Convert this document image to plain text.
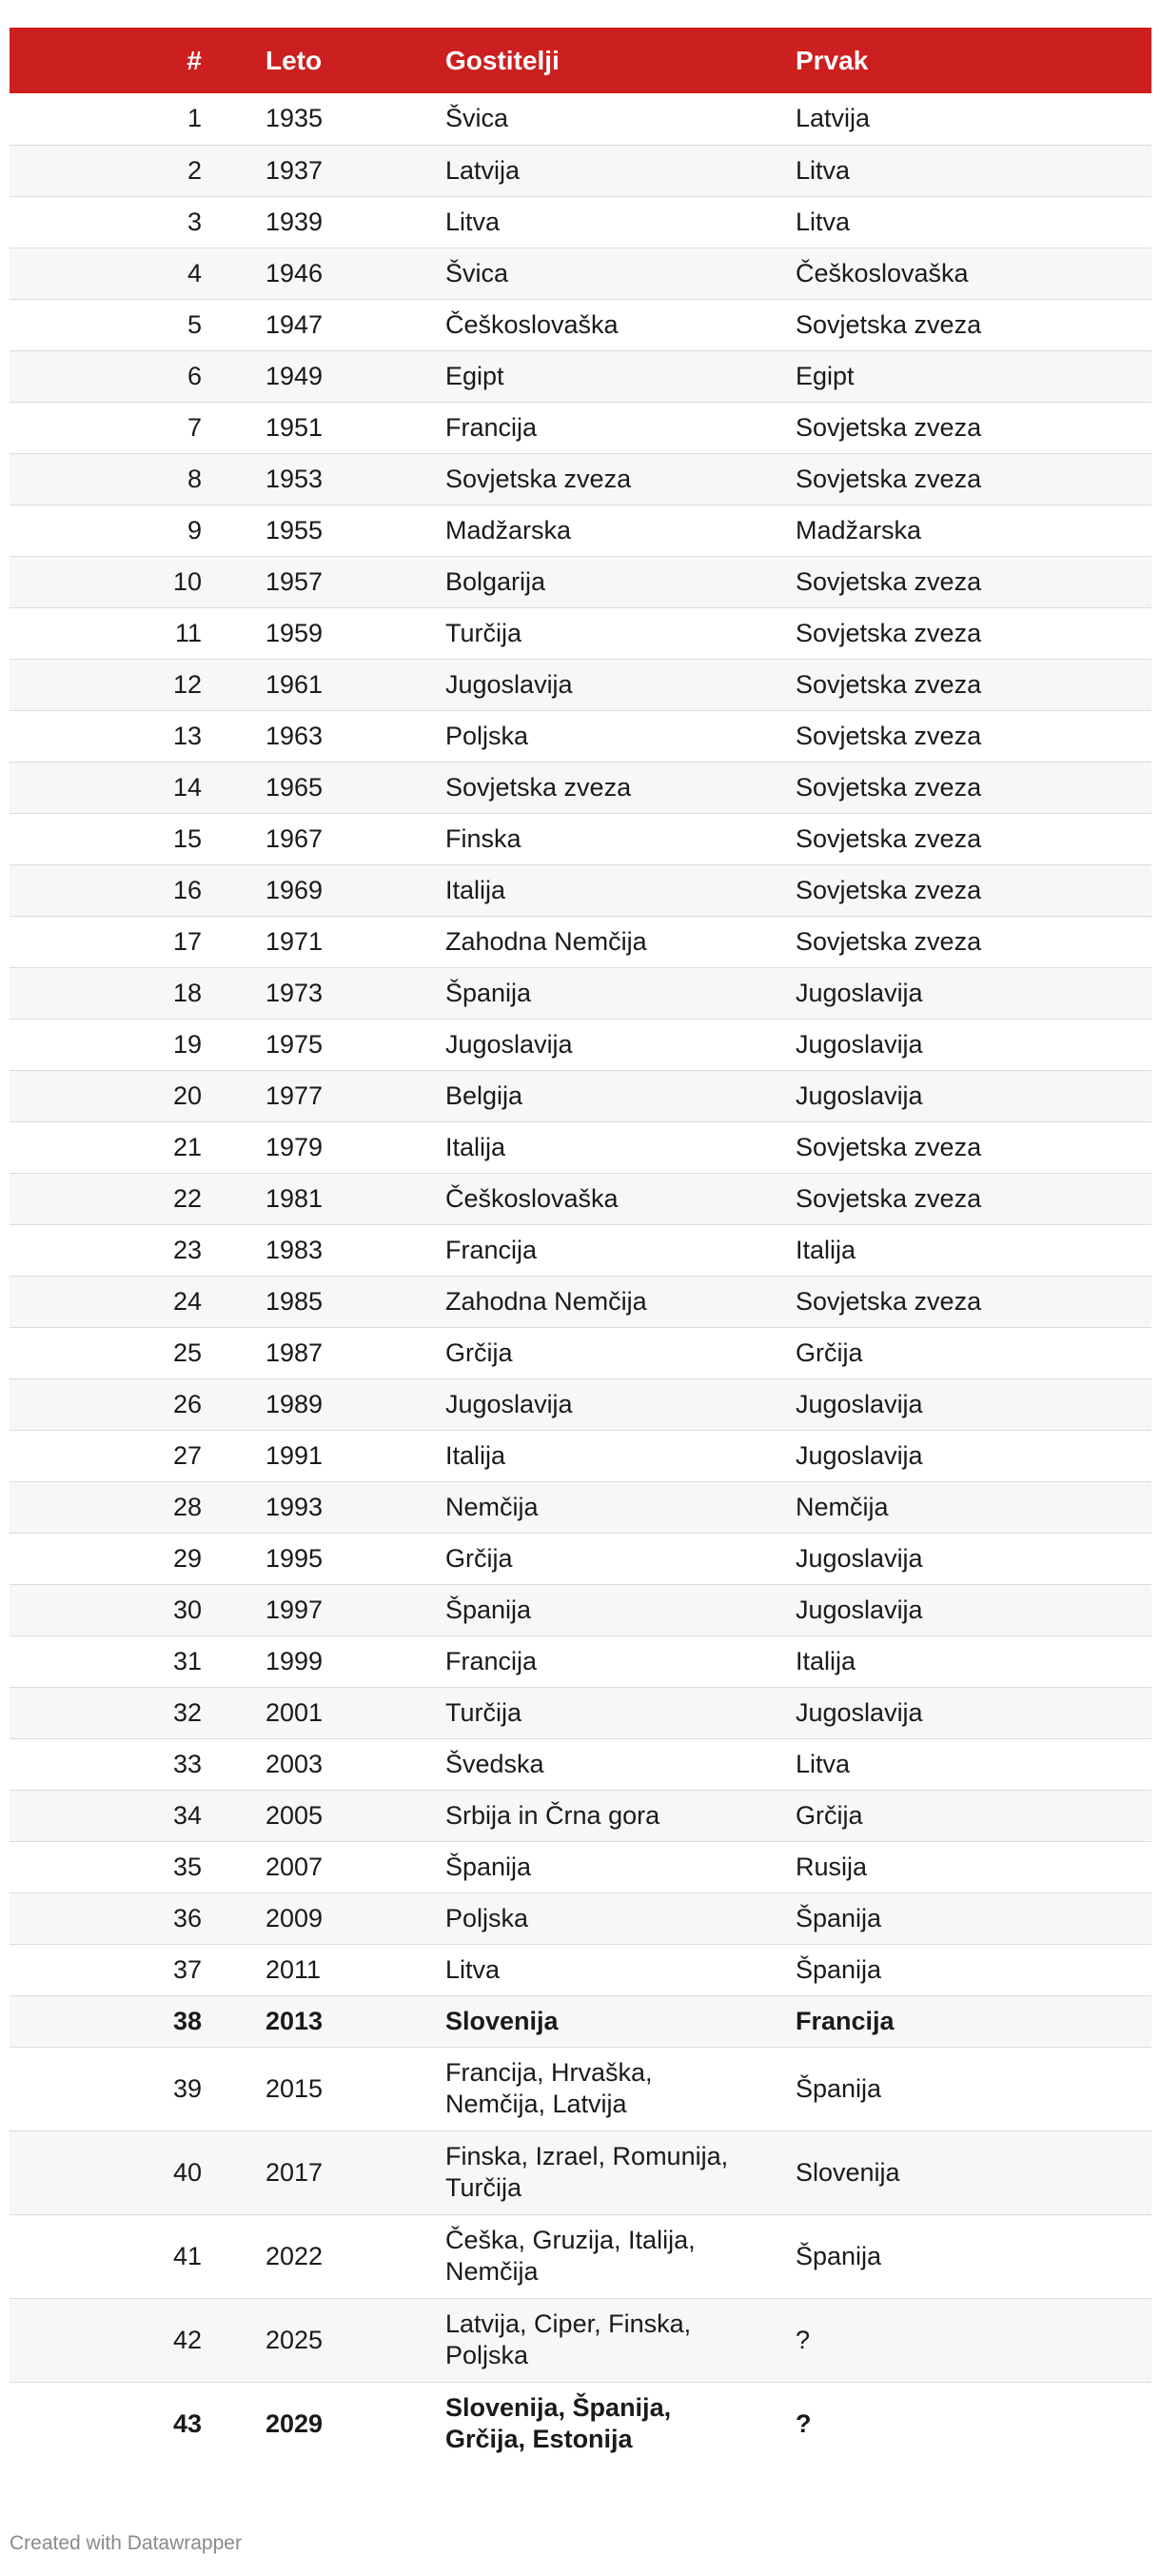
#	Leto	Gostitelji	Prvak
1	1935	Švica	Latvija
2	1937	Latvija	Litva
3	1939	Litva	Litva
4	1946	Švica	Češkoslovaška
5	1947	Češkoslovaška	Sovjetska zveza
6	1949	Egipt	Egipt
7	1951	Francija	Sovjetska zveza
8	1953	Sovjetska zveza	Sovjetska zveza
9	1955	Madžarska	Madžarska
10	1957	Bolgarija	Sovjetska zveza
11	1959	Turčija	Sovjetska zveza
12	1961	Jugoslavija	Sovjetska zveza
13	1963	Poljska	Sovjetska zveza
14	1965	Sovjetska zveza	Sovjetska zveza
15	1967	Finska	Sovjetska zveza
16	1969	Italija	Sovjetska zveza
17	1971	Zahodna Nemčija	Sovjetska zveza
18	1973	Španija	Jugoslavija
19	1975	Jugoslavija	Jugoslavija
20	1977	Belgija	Jugoslavija
21	1979	Italija	Sovjetska zveza
22	1981	Češkoslovaška	Sovjetska zveza
23	1983	Francija	Italija
24	1985	Zahodna Nemčija	Sovjetska zveza
25	1987	Grčija	Grčija
26	1989	Jugoslavija	Jugoslavija
27	1991	Italija	Jugoslavija
28	1993	Nemčija	Nemčija
29	1995	Grčija	Jugoslavija
30	1997	Španija	Jugoslavija
31	1999	Francija	Italija
32	2001	Turčija	Jugoslavija
33	2003	Švedska	Litva
34	2005	Srbija in Črna gora	Grčija
35	2007	Španija	Rusija
36	2009	Poljska	Španija
37	2011	Litva	Španija
38	2013	Slovenija	Francija
39	2015	Francija, Hrvaška, Nemčija, Latvija	Španija
40	2017	Finska, Izrael, Romunija, Turčija	Slovenija
41	2022	Češka, Gruzija, Italija, Nemčija	Španija
42	2025	Latvija, Ciper, Finska, Poljska	?
43	2029	Slovenija, Španija, Grčija, Estonija	?
Created with Datawrapper
